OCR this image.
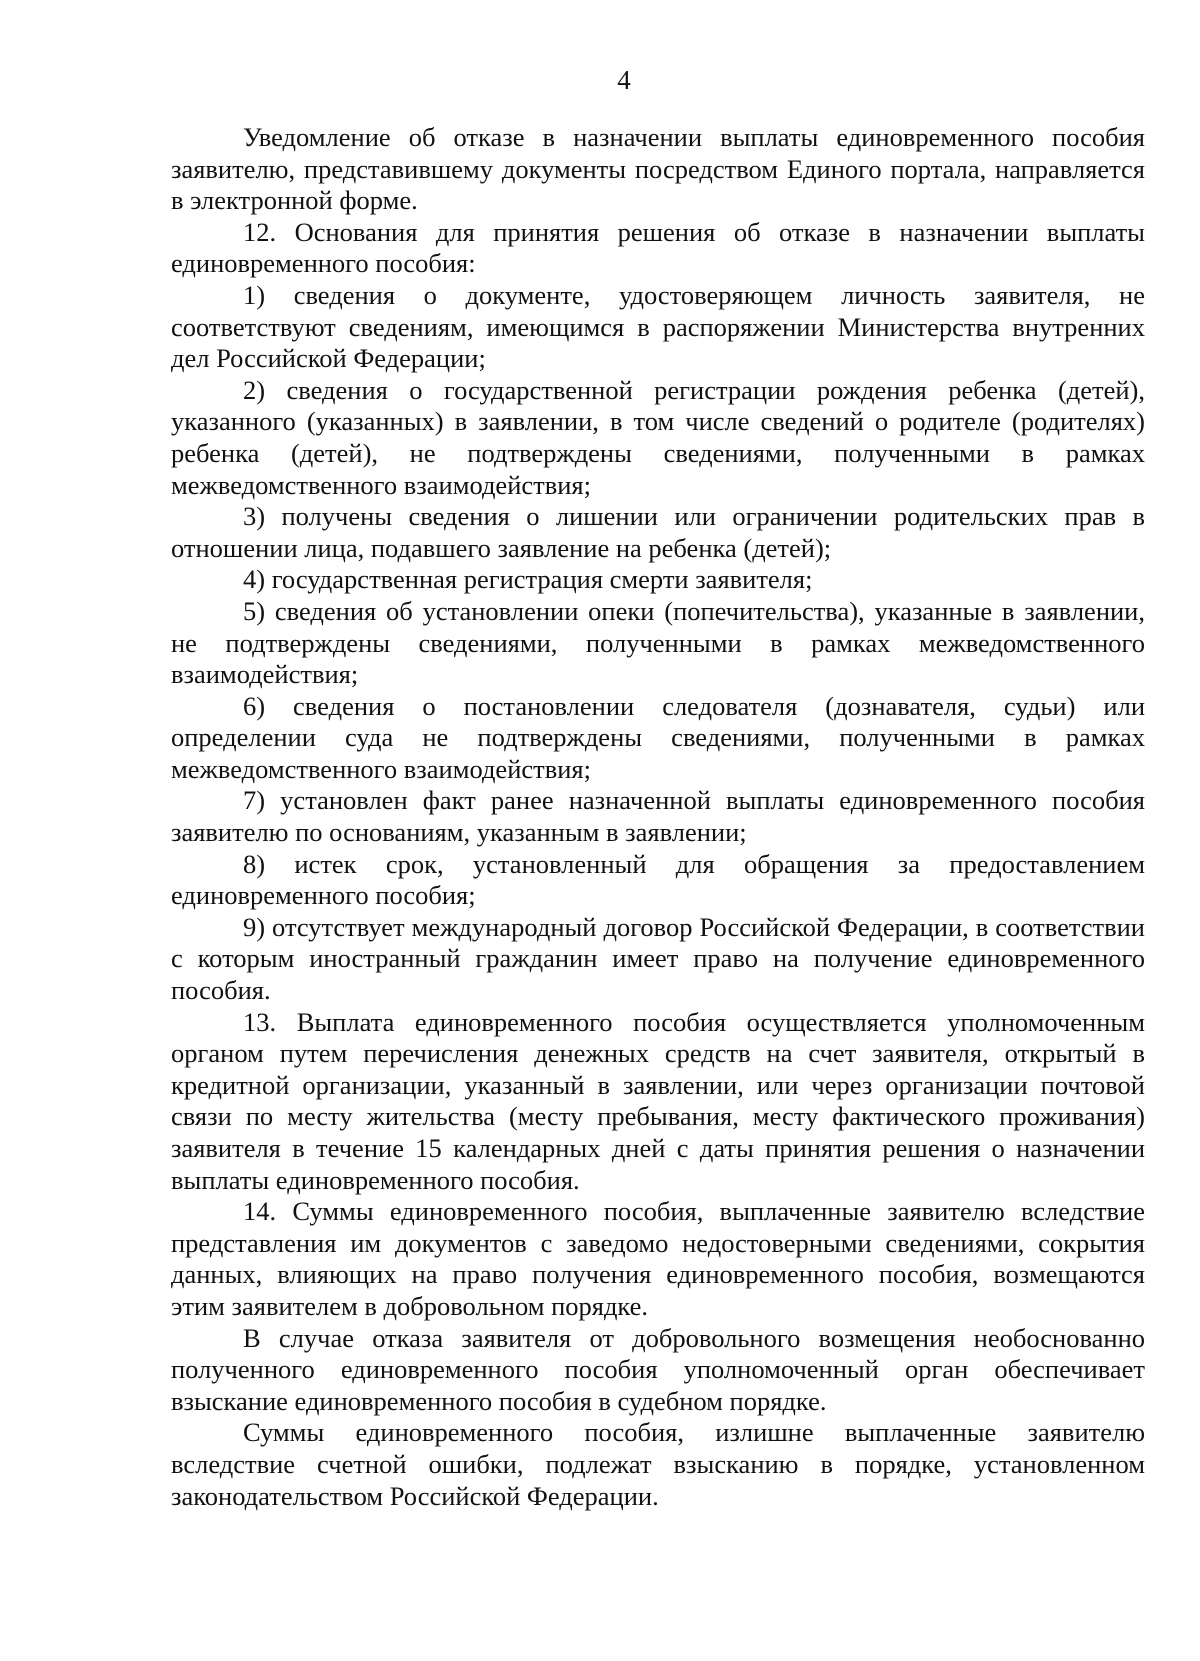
4

Уведомление об отказе в назначении выплаты единовременного пособия заявителю, представившему документы посредством Единого портала, направляется в электронной форме.

12. Основания для принятия решения об отказе в назначении выплаты единовременного пособия:

1) сведения о документе, удостоверяющем личность заявителя, не соответствуют сведениям, имеющимся в распоряжении Министерства внутренних дел Российской Федерации;

2) сведения о государственной регистрации рождения ребенка (детей), указанного (указанных) в заявлении, в том числе сведений о родителе (родителях) ребенка (детей), не подтверждены сведениями, полученными в рамках межведомственного взаимодействия;

3) получены сведения о лишении или ограничении родительских прав в отношении лица, подавшего заявление на ребенка (детей);

4) государственная регистрация смерти заявителя;

5) сведения об установлении опеки (попечительства), указанные в заявлении, не подтверждены сведениями, полученными в рамках межведомственного взаимодействия;

6) сведения о постановлении следователя (дознавателя, судьи) или определении суда не подтверждены сведениями, полученными в рамках межведомственного взаимодействия;

7) установлен факт ранее назначенной выплаты единовременного пособия заявителю по основаниям, указанным в заявлении;

8) истек срок, установленный для обращения за предоставлением единовременного пособия;

9) отсутствует международный договор Российской Федерации, в соответствии с которым иностранный гражданин имеет право на получение единовременного пособия.

13. Выплата единовременного пособия осуществляется уполномоченным органом путем перечисления денежных средств на счет заявителя, открытый в кредитной организации, указанный в заявлении, или через организации почтовой связи по месту жительства (месту пребывания, месту фактического проживания) заявителя в течение 15 календарных дней с даты принятия решения о назначении выплаты единовременного пособия.

14. Суммы единовременного пособия, выплаченные заявителю вследствие представления им документов с заведомо недостоверными сведениями, сокрытия данных, влияющих на право получения единовременного пособия, возмещаются этим заявителем в добровольном порядке.

В случае отказа заявителя от добровольного возмещения необоснованно полученного единовременного пособия уполномоченный орган обеспечивает взыскание единовременного пособия в судебном порядке.

Суммы единовременного пособия, излишне выплаченные заявителю вследствие счетной ошибки, подлежат взысканию в порядке, установленном законодательством Российской Федерации.
